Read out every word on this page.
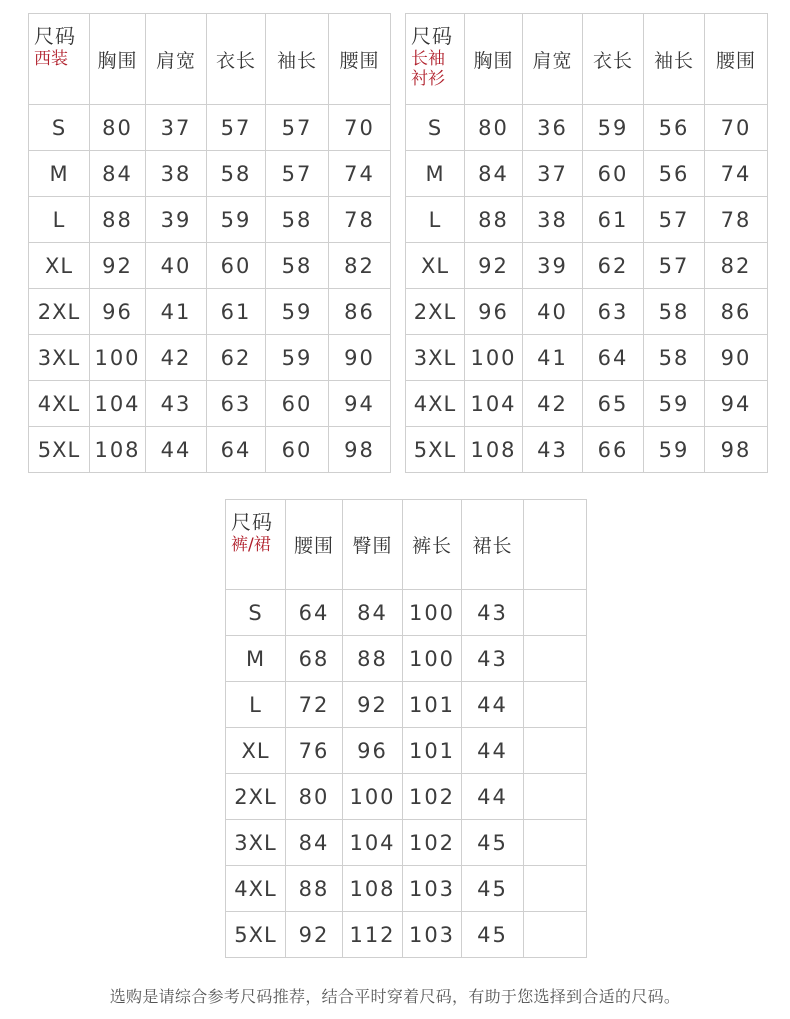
尺码
西装	胸围	肩宽	衣长	袖长	腰围
S	80	37	57	57	70
M	84	38	58	57	74
L	88	39	59	58	78
XL	92	40	60	58	82
2XL	96	41	61	59	86
3XL	100	42	62	59	90
4XL	104	43	63	60	94
5XL	108	44	64	60	98
尺码
长袖衬衫	胸围	肩宽	衣长	袖长	腰围
S	80	36	59	56	70
M	84	37	60	56	74
L	88	38	61	57	78
XL	92	39	62	57	82
2XL	96	40	63	58	86
3XL	100	41	64	58	90
4XL	104	42	65	59	94
5XL	108	43	66	59	98
尺码
裤/裙	腰围	臀围	裤长	裙长	
S	64	84	100	43	
M	68	88	100	43	
L	72	92	101	44	
XL	76	96	101	44	
2XL	80	100	102	44	
3XL	84	104	102	45	
4XL	88	108	103	45	
5XL	92	112	103	45	
选购是请综合参考尺码推荐，结合平时穿着尺码，有助于您选择到合适的尺码。
